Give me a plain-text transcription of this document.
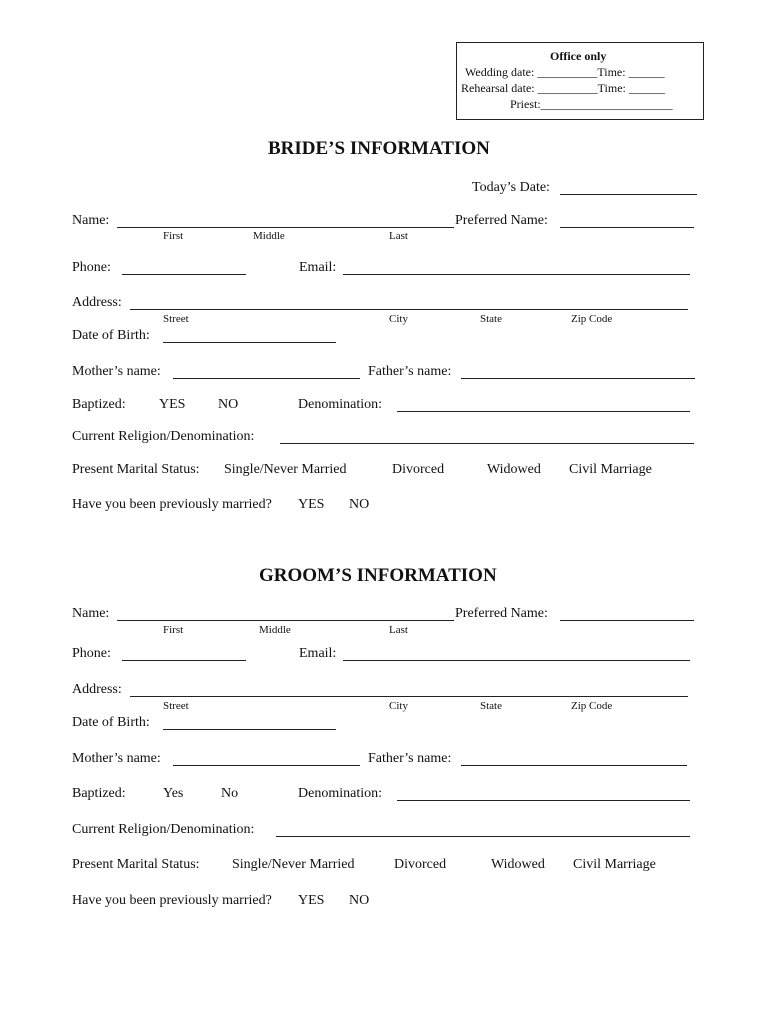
Office only
Wedding date: __________Time: ______
Rehearsal date: __________Time: ______
Priest:______________________
BRIDE’S INFORMATION
Today’s Date:
Name:	Preferred Name:
First	Middle	Last
Phone:	Email:
Address:
Street	City	State	Zip Code
Date of Birth:
Mother’s name:	Father’s name:
Baptized: YES NO	Denomination:
Current Religion/Denomination:
Present Marital Status: Single/Never Married	Divorced	Widowed Civil Marriage
Have you been previously married? YES NO
GROOM’S INFORMATION
Name:	Preferred Name:
First	Middle	Last
Phone:	Email:
Address:
Street	City	State	Zip Code
Date of Birth:
Mother’s name:	Father’s name:
Baptized:	Yes	No	Denomination:
Current Religion/Denomination:
Present Marital Status: Single/Never Married	Divorced	Widowed Civil Marriage
Have you been previously married? YES NO
